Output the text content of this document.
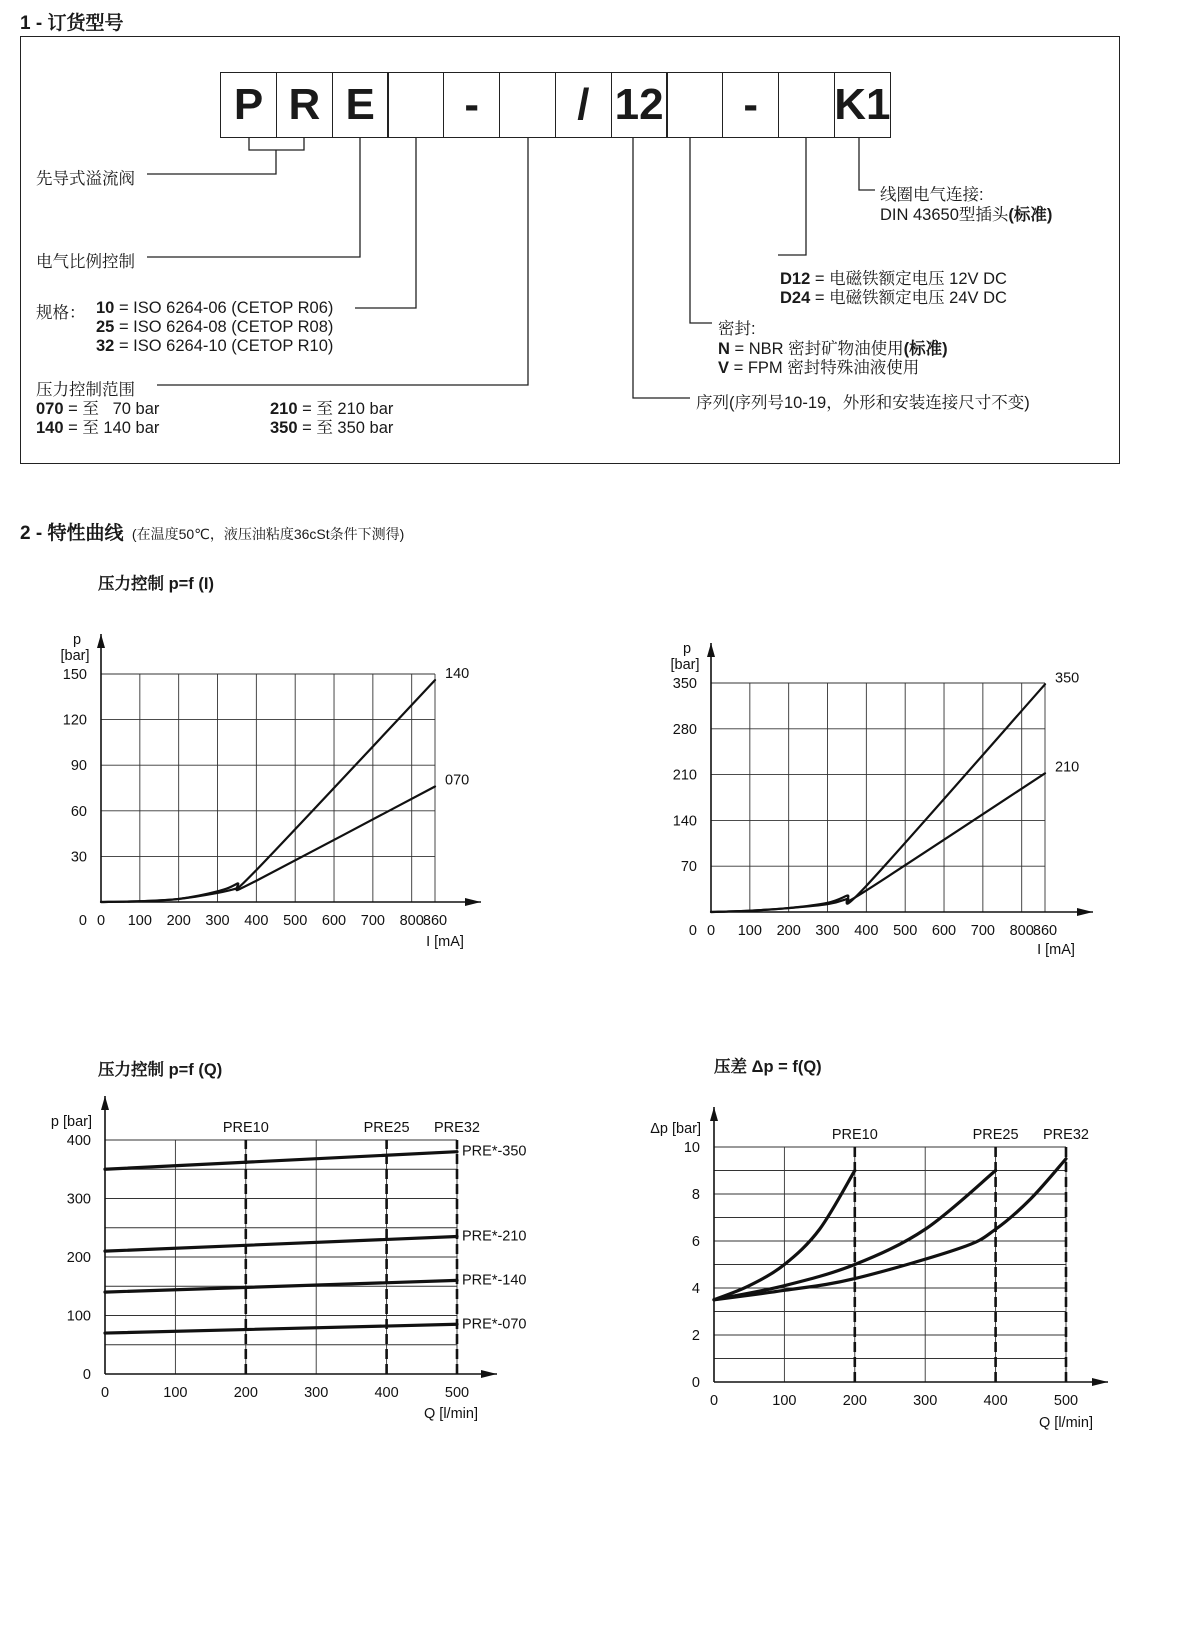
1 - 订货型号
P R E	-	/ 12	-	K1
先导式溢流阀
电气比例控制
规格： 10 = ISO 6264-06 (CETOP R06)
25 = ISO 6264-08 (CETOP R08)
32 = ISO 6264-10 (CETOP R10)
压力控制范围
070 = 至   70 bar
140 = 至 140 bar
210 = 至 210 bar
350 = 至 350 bar
线圈电气连接:
DIN 43650型插头(标准)
D12 = 电磁铁额定电压 12V DC
D24 = 电磁铁额定电压 24V DC
密封:
N = NBR 密封矿物油使用(标准)
V = FPM 密封特殊油液使用
序列(序列号10-19，外形和安装连接尺寸不变)
2 - 特性曲线 (在温度50℃，液压油粘度36cSt条件下测得)
压力控制 p=f (I)
压力控制 p=f (Q)	压差 Δp = f(Q)
0 100 200 300 400 500 600 700 800 860
30
60
90
120
150
0
I [mA]
p
[bar]
140
070
0 100 200 300 400 500 600 700 800 860
70
140
210
280
350
0
I [mA]
p
[bar]
350
210
0	100	200	300	400	500
0
100
200
300
400
Q [l/min]
p [bar]	PRE10	PRE25 PRE32
PRE*-350
PRE*-210
PRE*-140
PRE*-070
0	100	200	300	400	500
0
2
4
6
8
10
Q [l/min]
Δp [bar]	PRE10	PRE25 PRE32
